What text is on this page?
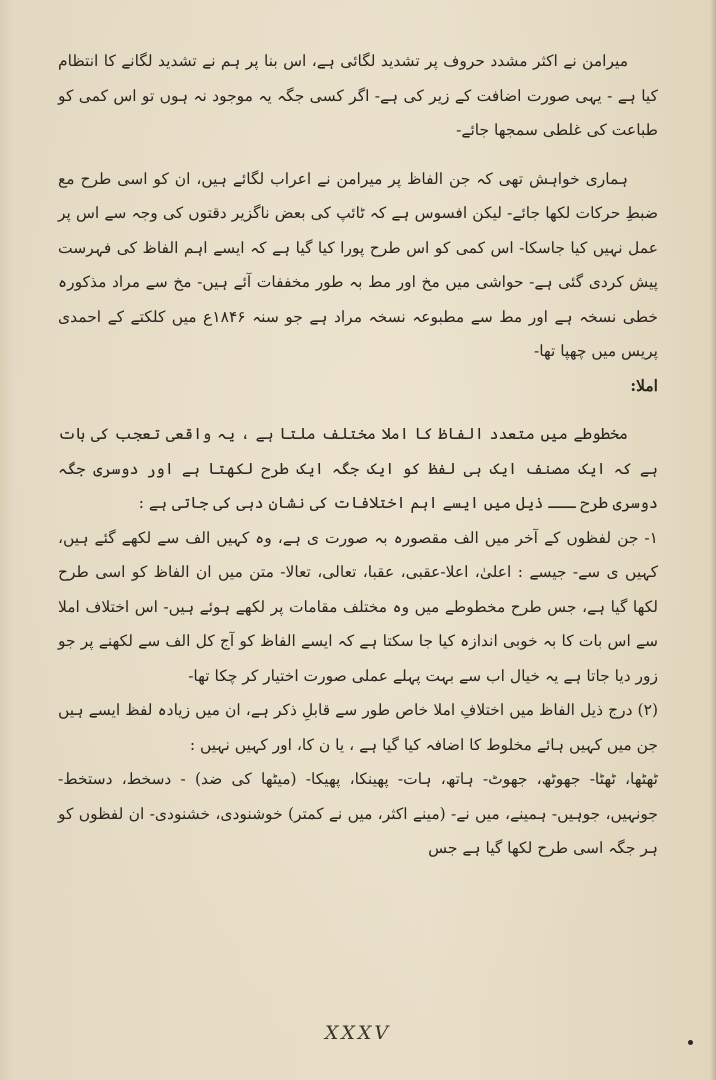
میرامن نے اکثر مشدد حروف پر تشدید لگائی ہے، اس بنا پر ہم نے تشدید لگانے کا انتظام کیا ہے - یہی صورت اضافت کے زیر کی ہے- اگر کسی جگہ یہ موجود نہ ہوں تو اس کمی کو طباعت کی غلطی سمجھا جائے-

ہماری خواہش تھی کہ جن الفاظ پر میرامن نے اعراب لگائے ہیں، ان کو اسی طرح مع ضبطِ حرکات لکھا جائے- لیکن افسوس ہے کہ ٹائپ کی بعض ناگزیر دقتوں کی وجہ سے اس پر عمل نہیں کیا جاسکا- اس کمی کو اس طرح پورا کیا گیا ہے کہ ایسے اہم الفاظ کی فہرست پیش کردی گئی ہے- حواشی میں مخ اور مط بہ طور مخففات آئے ہیں- مخ سے مراد مذکورہ خطی نسخہ ہے اور مط سے مطبوعہ نسخہ مراد ہے جو سنہ ۱۸۴۶ع میں کلکتے کے احمدی پریس میں چھپا تھا-

املا:

مخطوطے میں متعدد الفاظ کا املا مختلف ملتا ہے ، یہ واقعی تعجب کی بات ہے کہ ایک مصنف ایک ہی لفظ کو ایک جگہ ایک طرح لکھتا ہے اور دوسری جگہ دوسری طرح ـــ ذیل میں ایسے اہم اختلافات کی نشان دہی کی جاتی ہے :

۱- جن لفظوں کے آخر میں الف مقصورہ بہ صورت ی ہے، وہ کہیں الف سے لکھے گئے ہیں، کہیں ی سے- جیسے : اعلیٰ، اعلا-عقبی، عقبا، تعالی، تعالا- متن میں ان الفاظ کو اسی طرح لکھا گیا ہے، جس طرح مخطوطے میں وہ مختلف مقامات پر لکھے ہوئے ہیں- اس اختلاف املا سے اس بات کا بہ خوبی اندازہ کیا جا سکتا ہے کہ ایسے الفاظ کو آج کل الف سے لکھنے پر جو زور دیا جاتا ہے یہ خیال اب سے بہت پہلے عملی صورت اختیار کر چکا تھا-

(۲) درج ذیل الفاظ میں اختلافِ املا خاص طور سے قابلِ ذکر ہے، ان میں زیادہ لفظ ایسے ہیں جن میں کہیں ہائے مخلوط کا اضافہ کیا گیا ہے ، یا ن کا، اور کہیں نہیں :

ٹھٹھا، ٹھٹا- جھوٹھ، جھوٹ- ہاتھ، ہات- پھینکا، پھیکا- (میٹھا کی ضد) - دسخط، دستخط- جونہیں، جوہیں- ہمینے، میں نے- (مینے اکثر، میں نے کمتر) خوشنودی، خشنودی- ان لفظوں کو ہر جگہ اسی طرح لکھا گیا ہے جس

XXXV
